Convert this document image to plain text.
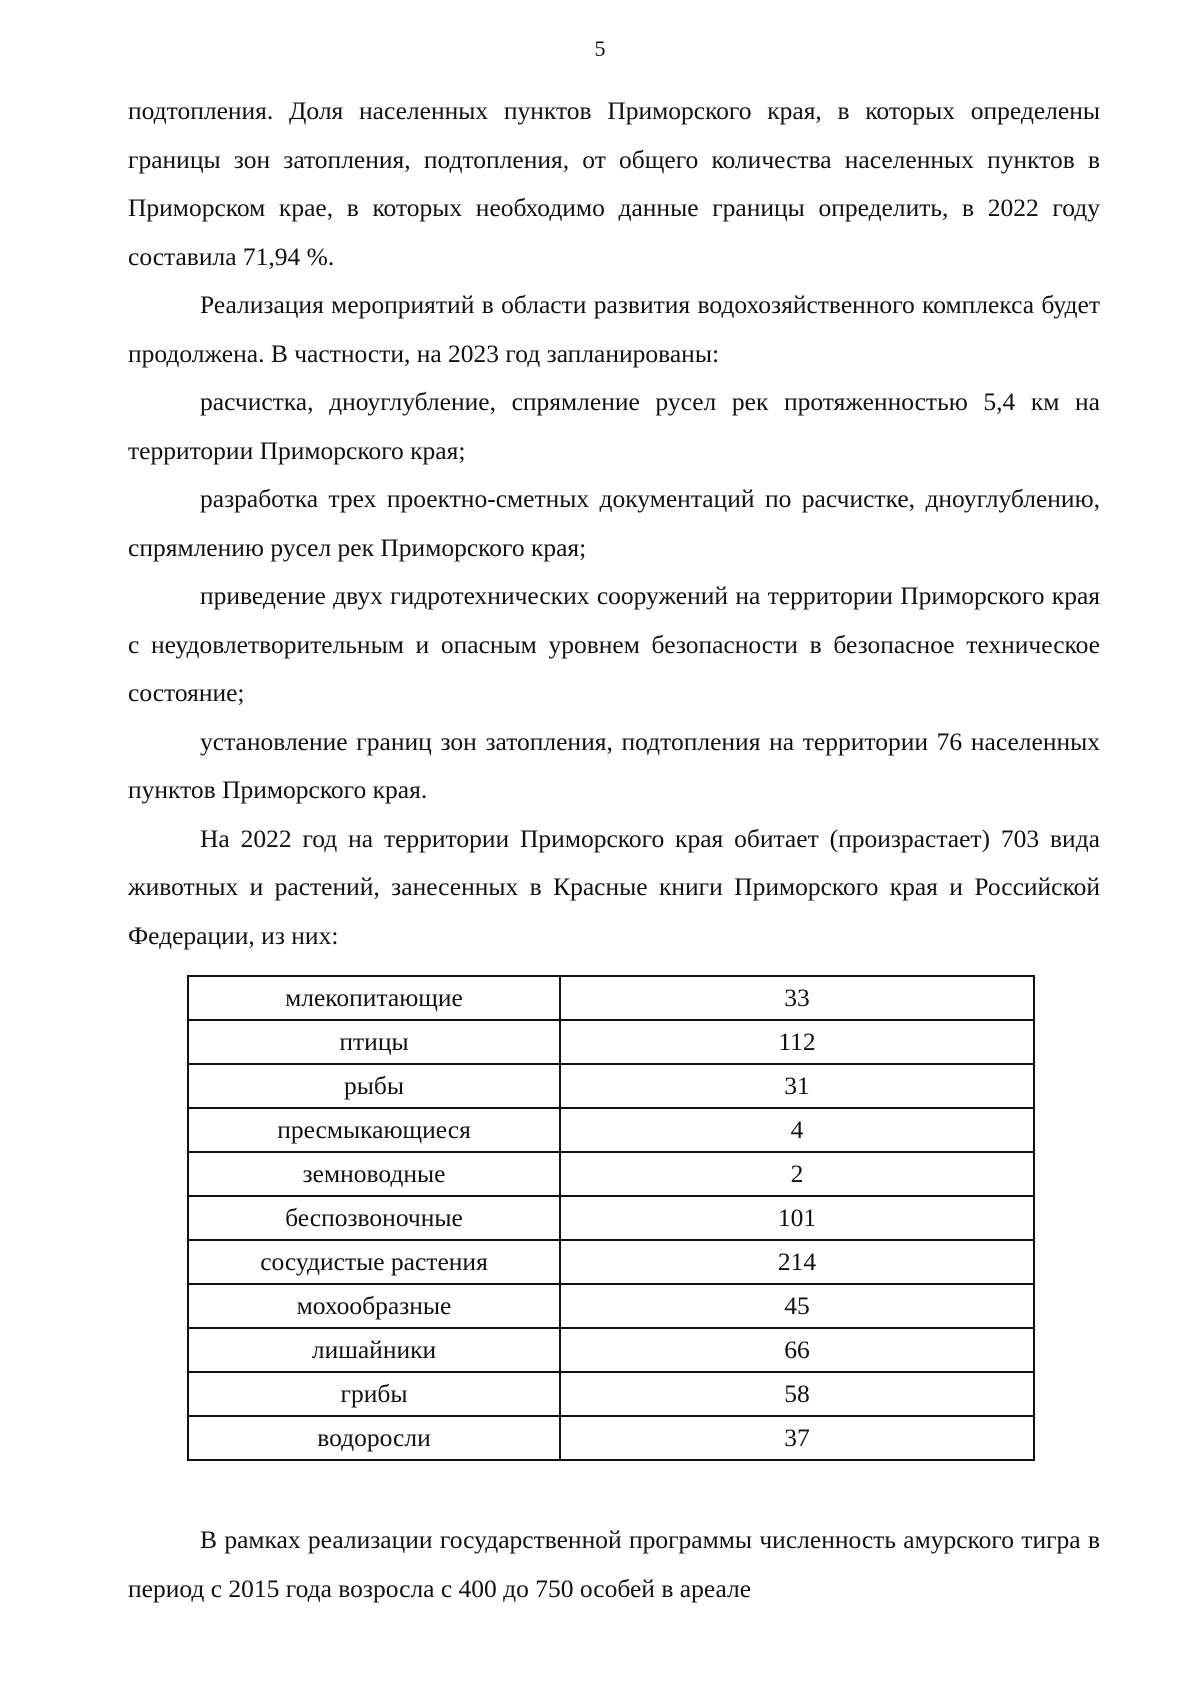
5

подтопления. Доля населенных пунктов Приморского края, в которых определены границы зон затопления, подтопления, от общего количества населенных пунктов в Приморском крае, в которых необходимо данные границы определить, в 2022 году составила 71,94 %.

Реализация мероприятий в области развития водохозяйственного комплекса будет продолжена. В частности, на 2023 год запланированы:

расчистка, дноуглубление, спрямление русел рек протяженностью 5,4 км на территории Приморского края;

разработка трех проектно-сметных документаций по расчистке, дноуглублению, спрямлению русел рек Приморского края;

приведение двух гидротехнических сооружений на территории Приморского края с неудовлетворительным и опасным уровнем безопасности в безопасное техническое состояние;

установление границ зон затопления, подтопления на территории 76 населенных пунктов Приморского края.

На 2022 год на территории Приморского края обитает (произрастает) 703 вида животных и растений, занесенных в Красные книги Приморского края и Российской Федерации, из них:

млекопитающие	33
птицы	112
рыбы	31
пресмыкающиеся	4
земноводные	2
беспозвоночные	101
сосудистые растения	214
мохообразные	45
лишайники	66
грибы	58
водоросли	37

В рамках реализации государственной программы численность амурского тигра в период с 2015 года возросла с 400 до 750 особей в ареале
